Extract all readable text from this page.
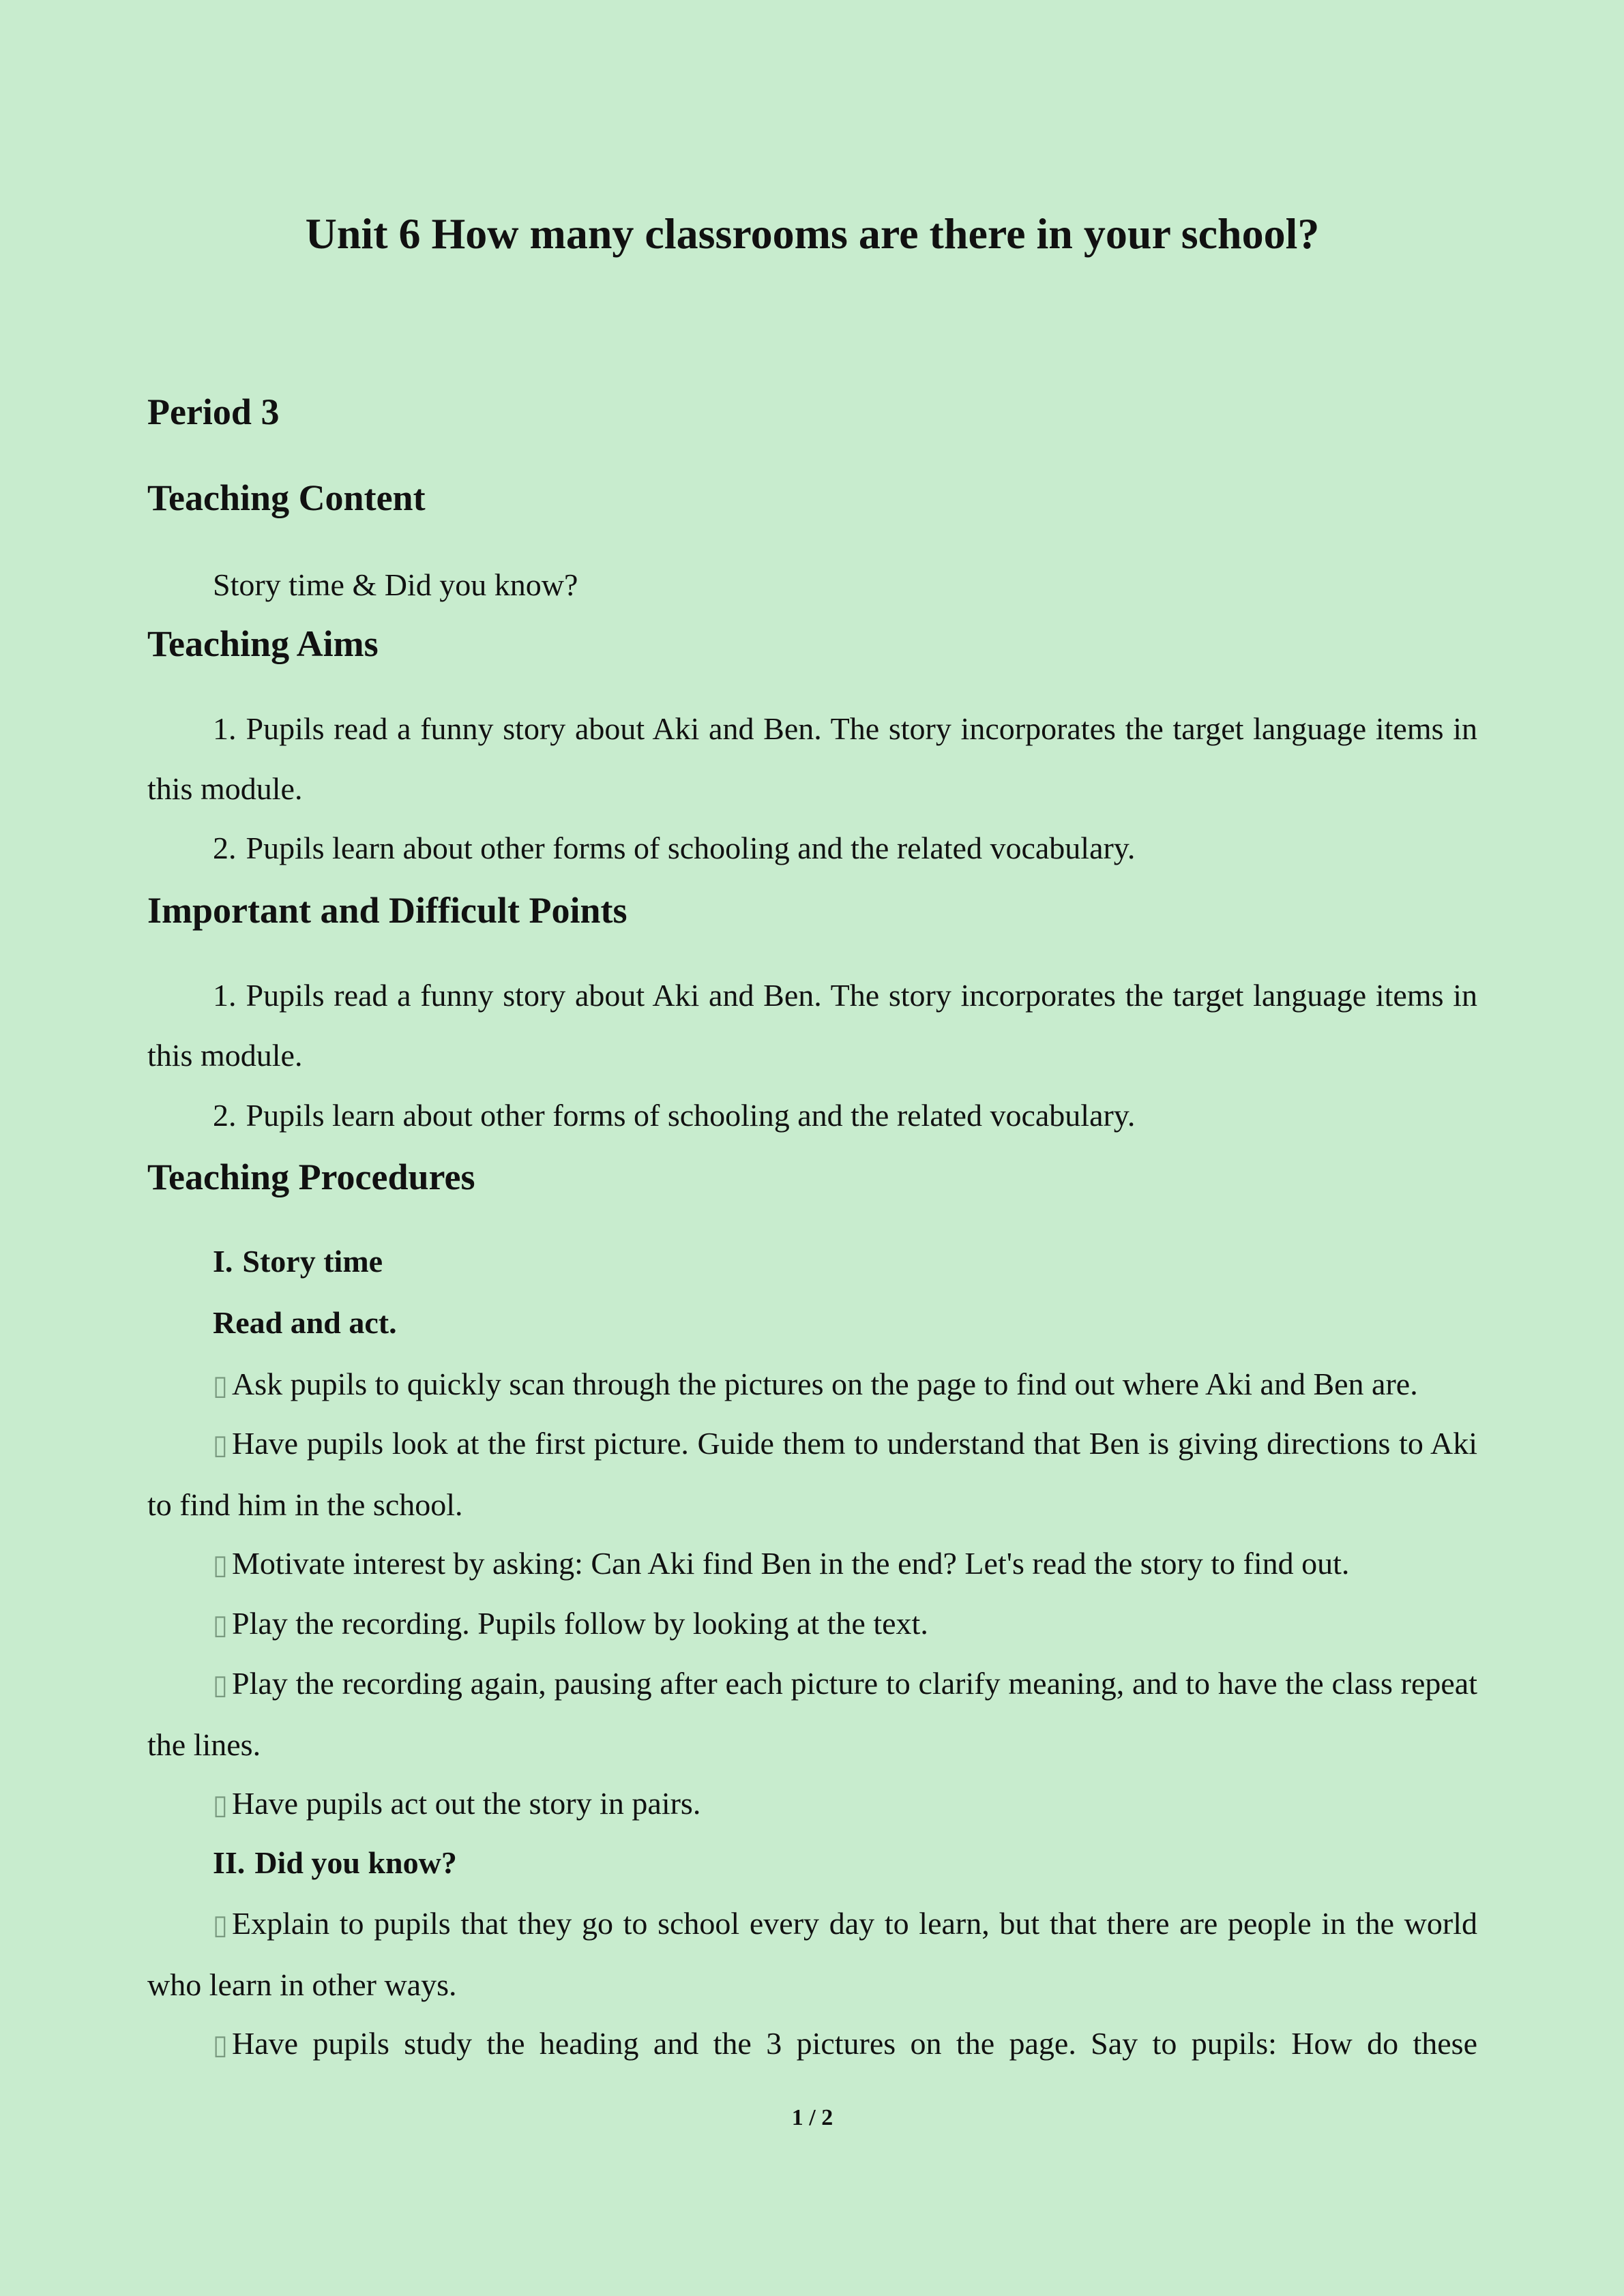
Unit 6 How many classrooms are there in your school?
Period 3
Teaching Content

Story time & Did you know?

Teaching Aims

1. Pupils read a funny story about Aki and Ben. The story incorporates the target language items in this module.

2. Pupils learn about other forms of schooling and the related vocabulary.

Important and Difficult Points

1. Pupils read a funny story about Aki and Ben. The story incorporates the target language items in this module.

2. Pupils learn about other forms of schooling and the related vocabulary.

Teaching Procedures
I. Story time
Read and act.

▯ Ask pupils to quickly scan through the pictures on the page to find out where Aki and Ben are.

▯ Have pupils look at the first picture. Guide them to understand that Ben is giving directions to Aki to find him in the school.

▯ Motivate interest by asking: Can Aki find Ben in the end? Let's read the story to find out.

▯ Play the recording. Pupils follow by looking at the text.

▯ Play the recording again, pausing after each picture to clarify meaning, and to have the class repeat the lines.

▯ Have pupils act out the story in pairs.

II. Did you know?

▯ Explain to pupils that they go to school every day to learn, but that there are people in the world who learn in other ways.

▯ Have pupils study the heading and the 3 pictures on the page. Say to pupils: How do these

1 / 2
